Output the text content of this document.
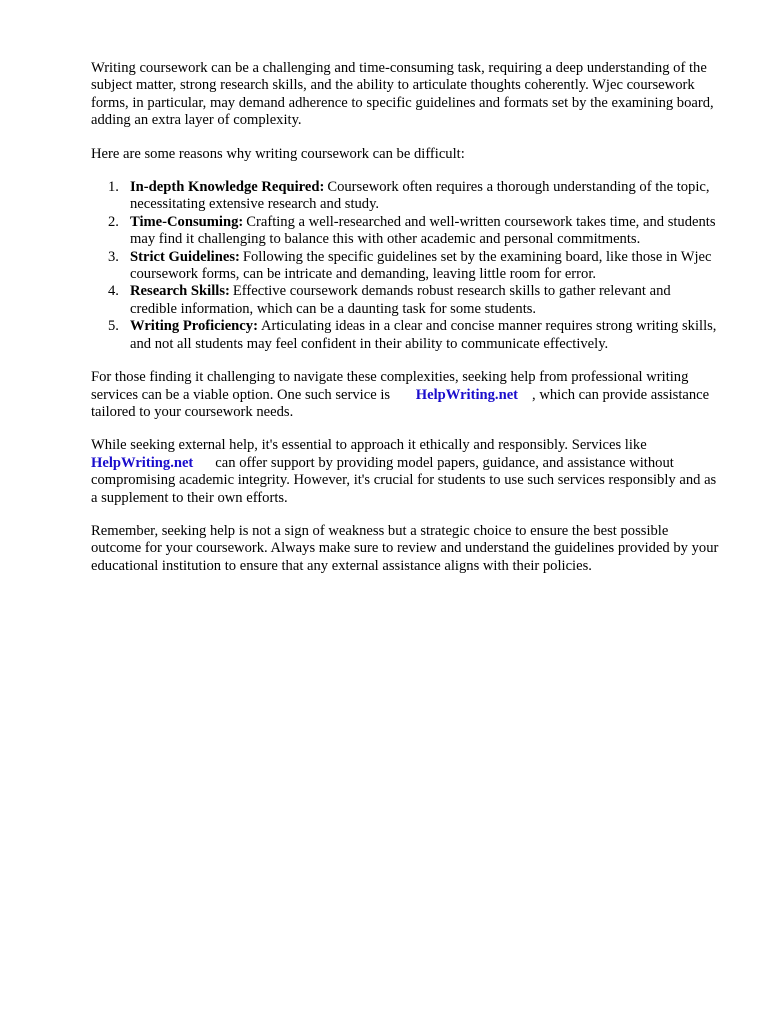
Writing coursework can be a challenging and time-consuming task, requiring a deep understanding of the subject matter, strong research skills, and the ability to articulate thoughts coherently. Wjec coursework forms, in particular, may demand adherence to specific guidelines and formats set by the examining board, adding an extra layer of complexity.

Here are some reasons why writing coursework can be difficult:

1. In-depth Knowledge Required: Coursework often requires a thorough understanding of the topic, necessitating extensive research and study.
2. Time-Consuming: Crafting a well-researched and well-written coursework takes time, and students may find it challenging to balance this with other academic and personal commitments.
3. Strict Guidelines: Following the specific guidelines set by the examining board, like those in Wjec coursework forms, can be intricate and demanding, leaving little room for error.
4. Research Skills: Effective coursework demands robust research skills to gather relevant and credible information, which can be a daunting task for some students.
5. Writing Proficiency: Articulating ideas in a clear and concise manner requires strong writing skills, and not all students may feel confident in their ability to communicate effectively.

For those finding it challenging to navigate these complexities, seeking help from professional writing services can be a viable option. One such service is HelpWriting.net , which can provide assistance tailored to your coursework needs.

While seeking external help, it's essential to approach it ethically and responsibly. Services like HelpWriting.net can offer support by providing model papers, guidance, and assistance without compromising academic integrity. However, it's crucial for students to use such services responsibly and as a supplement to their own efforts.

Remember, seeking help is not a sign of weakness but a strategic choice to ensure the best possible outcome for your coursework. Always make sure to review and understand the guidelines provided by your educational institution to ensure that any external assistance aligns with their policies.
